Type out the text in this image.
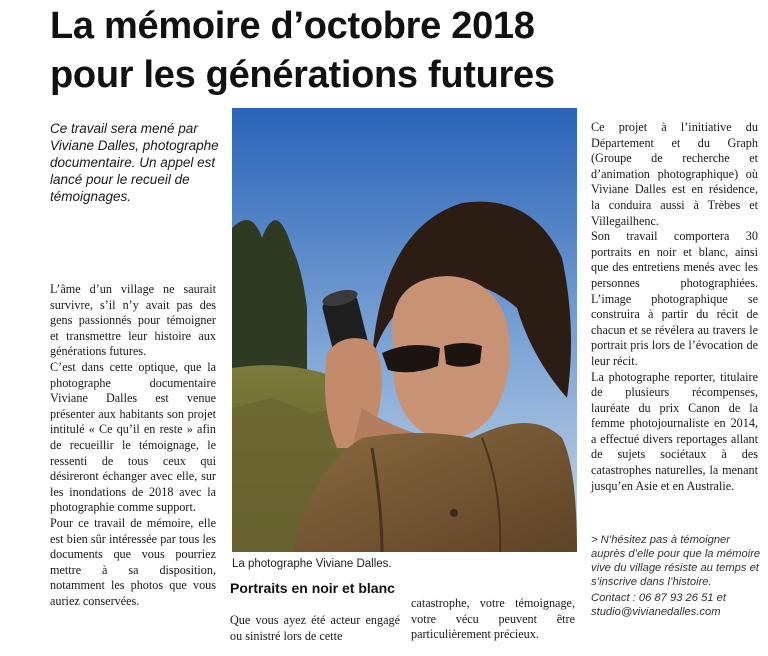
La mémoire d’octobre 2018
pour les générations futures
Ce travail sera mené par Viviane Dalles, photographe documentaire. Un appel est lancé pour le recueil de témoignages.

L’âme d’un village ne saurait survivre, s’il n’y avait pas des gens passionnés pour témoigner et transmettre leur histoire aux générations futures.

C’est dans cette optique, que la photographe documentaire Viviane Dalles est venue présenter aux habitants son projet intitulé « Ce qu’il en reste » afin de recueillir le témoignage, le ressenti de tous ceux qui désireront échanger avec elle, sur les inondations de 2018 avec la photographie comme support.

Pour ce travail de mémoire, elle est bien sûr intéressée par tous les documents que vous pourriez mettre à sa disposition, notamment les photos que vous auriez conservées.

La photographe Viviane Dalles.
Portraits en noir et blanc

Que vous ayez été acteur engagé ou sinistré lors de cette

catastrophe, votre témoignage, votre vécu peuvent être particulièrement précieux.

Ce projet à l’initiative du Département et du Graph (Groupe de recherche et d’animation photographique) où Viviane Dalles est en résidence, la conduira aussi à Trèbes et Villegailhenc.

Son travail comportera 30 portraits en noir et blanc, ainsi que des entretiens menés avec les personnes photographiées. L’image photographique se construira à partir du récit de chacun et se révélera au travers le portrait pris lors de l’évocation de leur récit.

La photographe reporter, titulaire de plusieurs récompenses, lauréate du prix Canon de la femme photojournaliste en 2014, a effectué divers reportages allant de sujets sociétaux à des catastrophes naturelles, la menant jusqu’en Asie et en Australie.

> N’hésitez pas à témoigner auprès d’elle pour que la mémoire vive du village résiste au temps et s’inscrive dans l’histoire.

Contact : 06 87 93 26 51 et studio@vivianedalles.com
